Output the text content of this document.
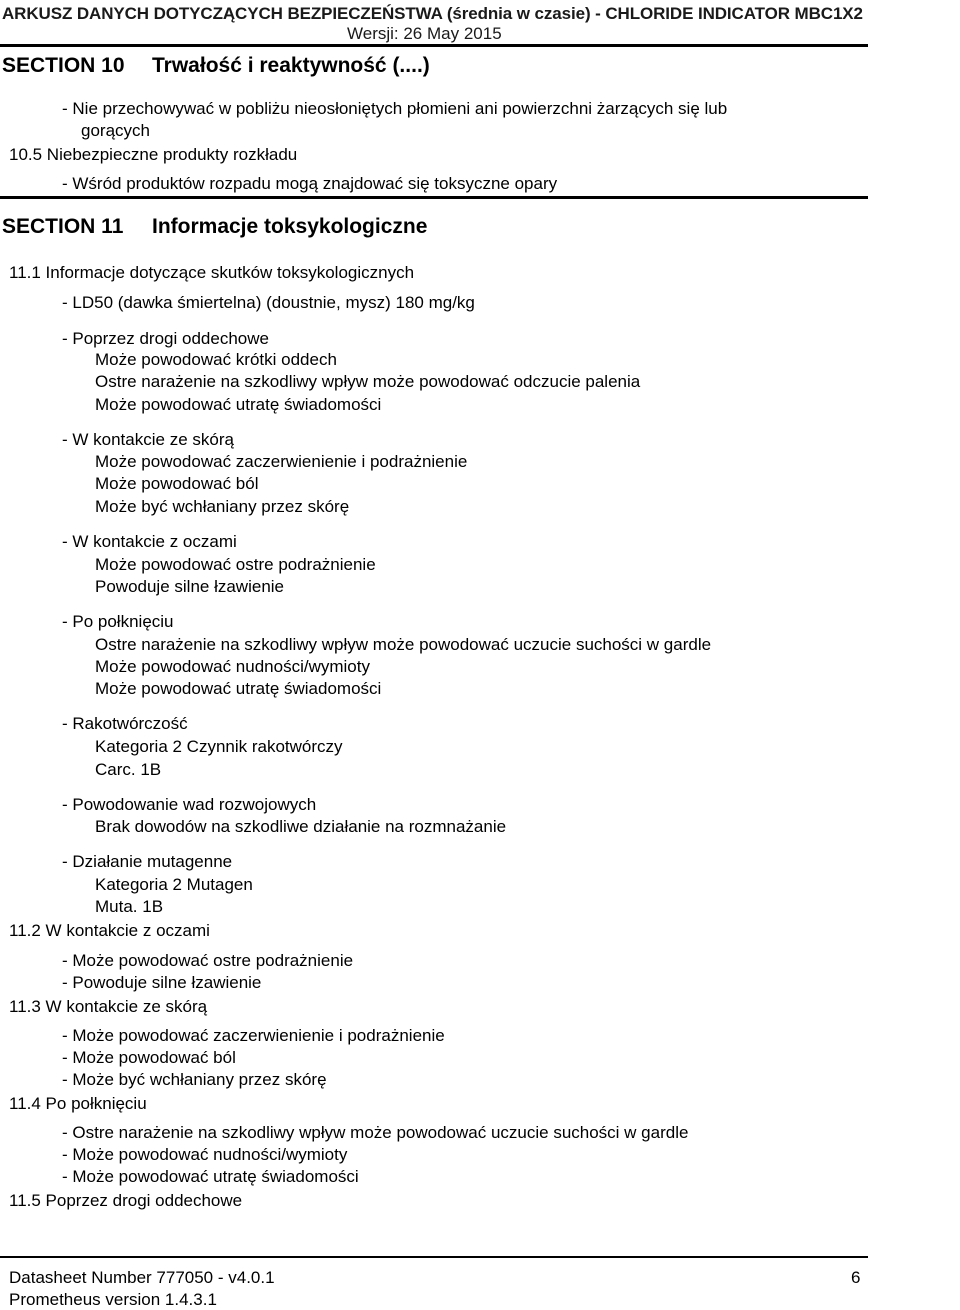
ARKUSZ DANYCH DOTYCZĄCYCH BEZPIECZEŃSTWA (średnia w czasie) - CHLORIDE INDICATOR MBC1X2
Wersji: 26 May 2015
SECTION 10 Trwałość i reaktywność (....)
- Nie przechowywać w pobliżu nieosłoniętych płomieni ani powierzchni żarzących się lub
gorących
10.5 Niebezpieczne produkty rozkładu
- Wśród produktów rozpadu mogą znajdować się toksyczne opary
SECTION 11 Informacje toksykologiczne
11.1 Informacje dotyczące skutków toksykologicznych
- LD50 (dawka śmiertelna) (doustnie, mysz) 180 mg/kg
- Poprzez drogi oddechowe
Może powodować krótki oddech
Ostre narażenie na szkodliwy wpływ może powodować odczucie palenia
Może powodować utratę świadomości
- W kontakcie ze skórą
Może powodować zaczerwienienie i podrażnienie
Może powodować ból
Może być wchłaniany przez skórę
- W kontakcie z oczami
Może powodować ostre podrażnienie
Powoduje silne łzawienie
- Po połknięciu
Ostre narażenie na szkodliwy wpływ może powodować uczucie suchości w gardle
Może powodować nudności/wymioty
Może powodować utratę świadomości
- Rakotwórczość
Kategoria 2 Czynnik rakotwórczy
Carc. 1B
- Powodowanie wad rozwojowych
Brak dowodów na szkodliwe działanie na rozmnażanie
- Działanie mutagenne
Kategoria 2 Mutagen
Muta. 1B
11.2 W kontakcie z oczami
- Może powodować ostre podrażnienie
- Powoduje silne łzawienie
11.3 W kontakcie ze skórą
- Może powodować zaczerwienienie i podrażnienie
- Może powodować ból
- Może być wchłaniany przez skórę
11.4 Po połknięciu
- Ostre narażenie na szkodliwy wpływ może powodować uczucie suchości w gardle
- Może powodować nudności/wymioty
- Może powodować utratę świadomości
11.5 Poprzez drogi oddechowe
Datasheet Number 777050 - v4.0.1	6
Prometheus version 1.4.3.1
